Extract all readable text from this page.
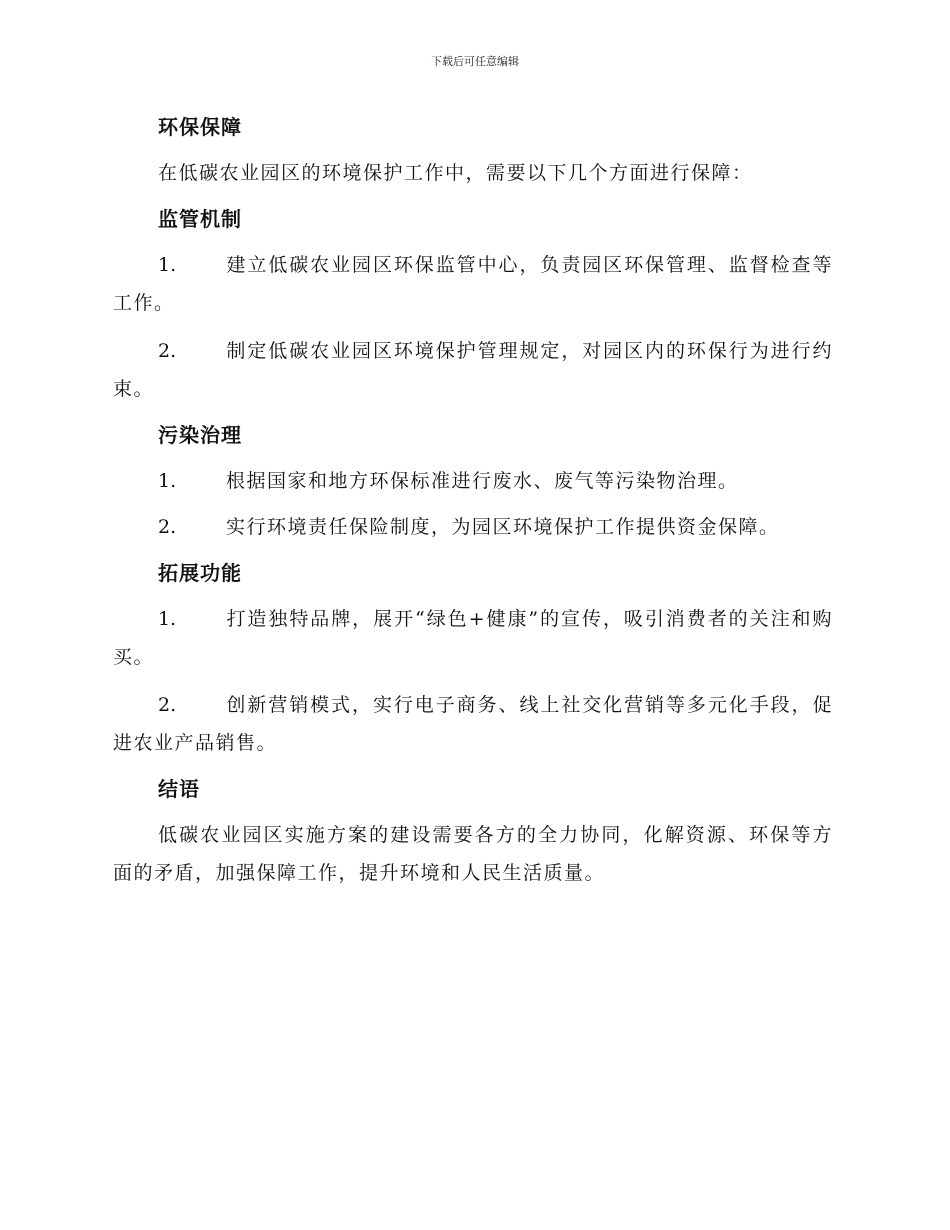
下载后可任意编辑

环保保障

在低碳农业园区的环境保护工作中，需要以下几个方面进行保障：

监管机制

1.	建立低碳农业园区环保监管中心，负责园区环保管理、监督检查等工作。

2.	制定低碳农业园区环境保护管理规定，对园区内的环保行为进行约束。

污染治理

1.	根据国家和地方环保标准进行废水、废气等污染物治理。

2.	实行环境责任保险制度，为园区环境保护工作提供资金保障。

拓展功能

1.	打造独特品牌，展开“绿色+健康”的宣传，吸引消费者的关注和购买。

2.	创新营销模式，实行电子商务、线上社交化营销等多元化手段，促进农业产品销售。

结语

低碳农业园区实施方案的建设需要各方的全力协同，化解资源、环保等方面的矛盾，加强保障工作，提升环境和人民生活质量。
